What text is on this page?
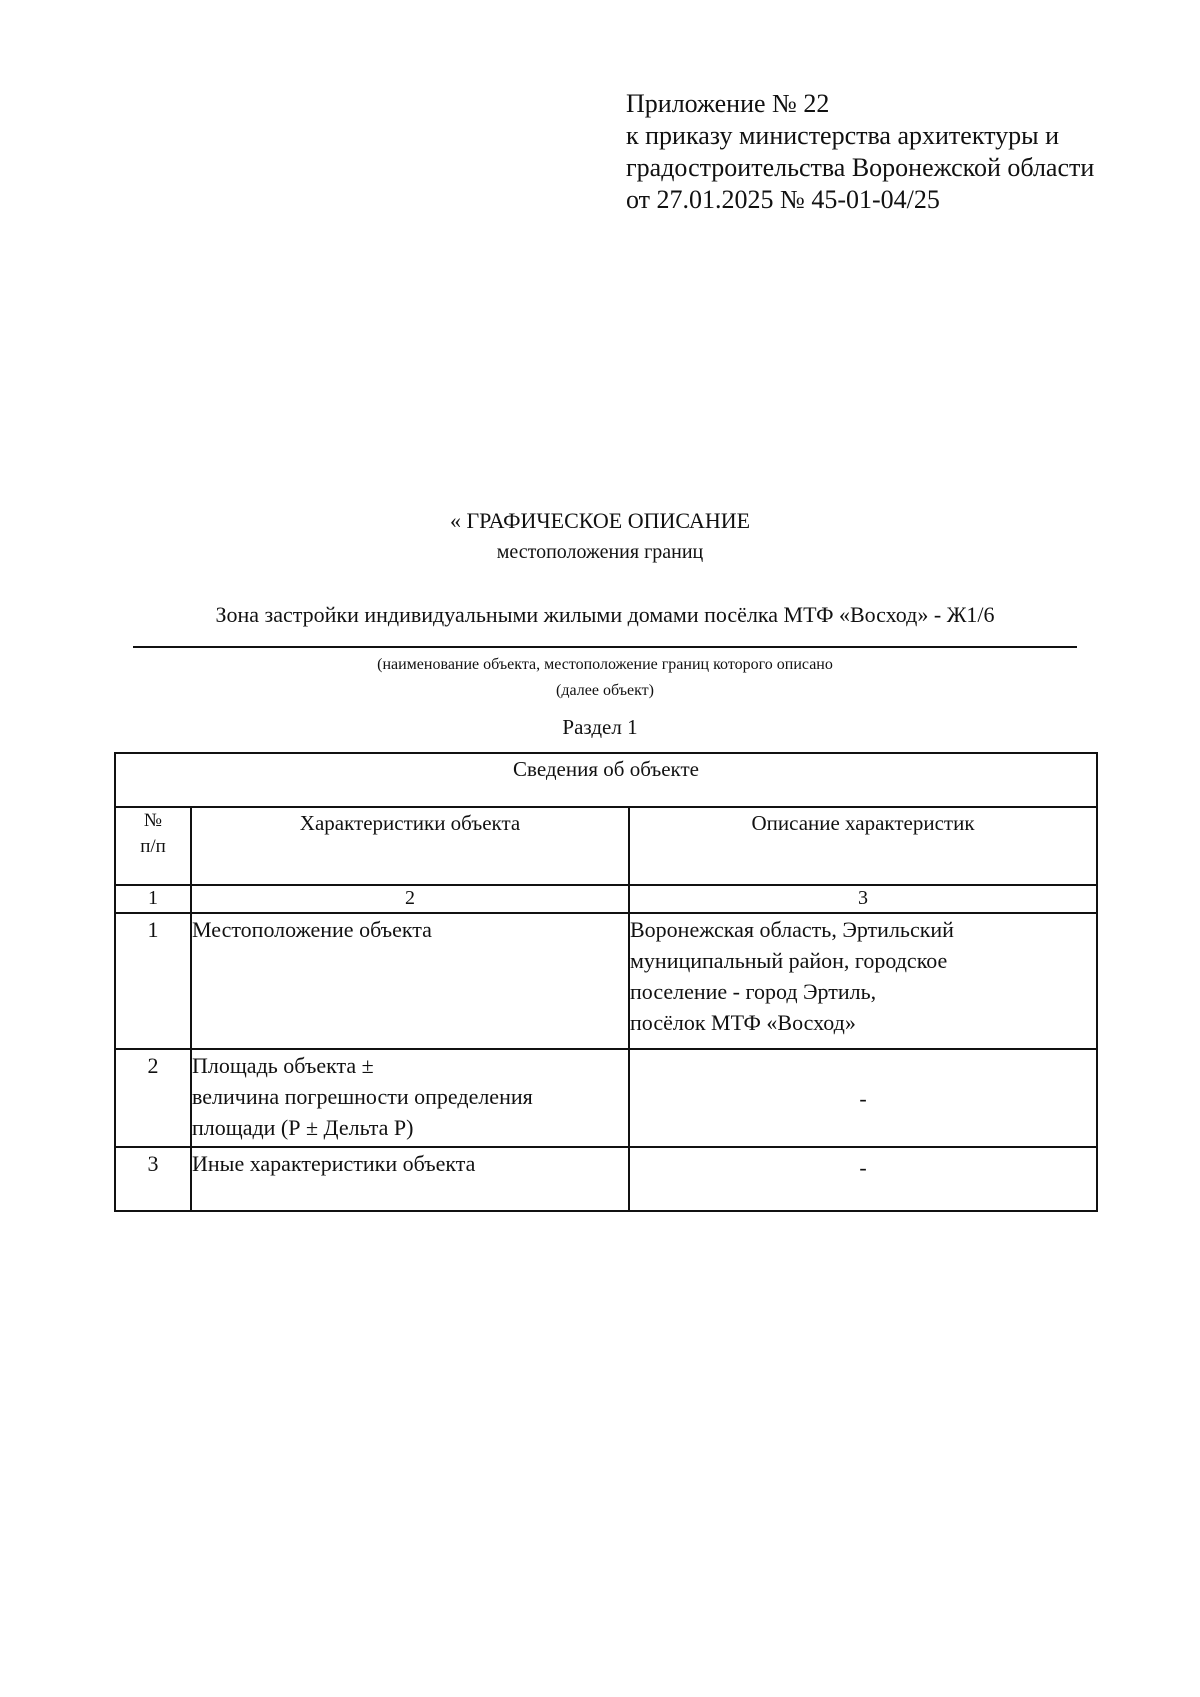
Приложение № 22
к приказу министерства архитектуры и
градостроительства Воронежской области
от 27.01.2025 № 45-01-04/25
« ГРАФИЧЕСКОЕ ОПИСАНИЕ
местоположения границ
Зона застройки индивидуальными жилыми домами посёлка МТФ «Восход» - Ж1/6
(наименование объекта, местоположение границ которого описано
(далее объект)
Раздел 1
Сведения об объекте		

№
п/п	Характеристики объекта	Описание характеристик
1	2	3
1	Местоположение объекта	Воронежская область, Эртильский
муниципальный район, городское
поселение - город Эртиль,
посёлок МТФ «Восход»

2	Площадь объекта ±
величина погрешности определения
площади (Р ± Дельта Р)	-
3	Иные характеристики объекта	-
